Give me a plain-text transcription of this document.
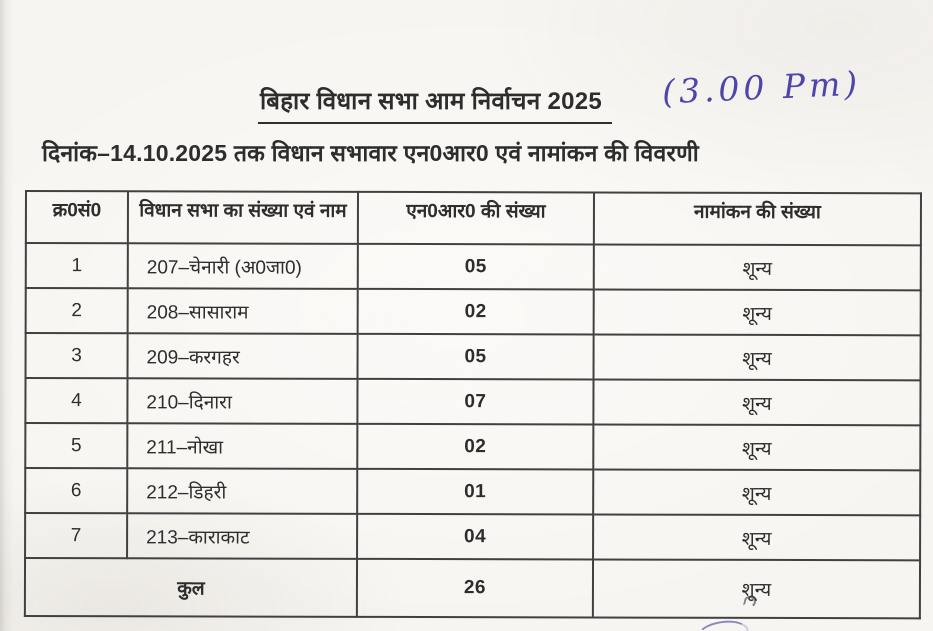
बिहार विधान सभा आम निर्वाचन 2025	(3.00 Pm)
दिनांक–14.10.2025 तक विधान सभावार एन0आर0 एवं नामांकन की विवरणी
क्र0सं0	विधान सभा का संख्या एवं नाम	एन0आर0 की संख्या	नामांकन की संख्या
1	207–चेनारी (अ0जा0)	05	शून्य
2	208–सासाराम	02	शून्य
3	209–करगहर	05	शून्य
4	210–दिनारा	07	शून्य
5	211–नोखा	02	शून्य
6	212–डिहरी	01	शून्य
7	213–काराकाट	04	शून्य
कुल		26	शून्य
